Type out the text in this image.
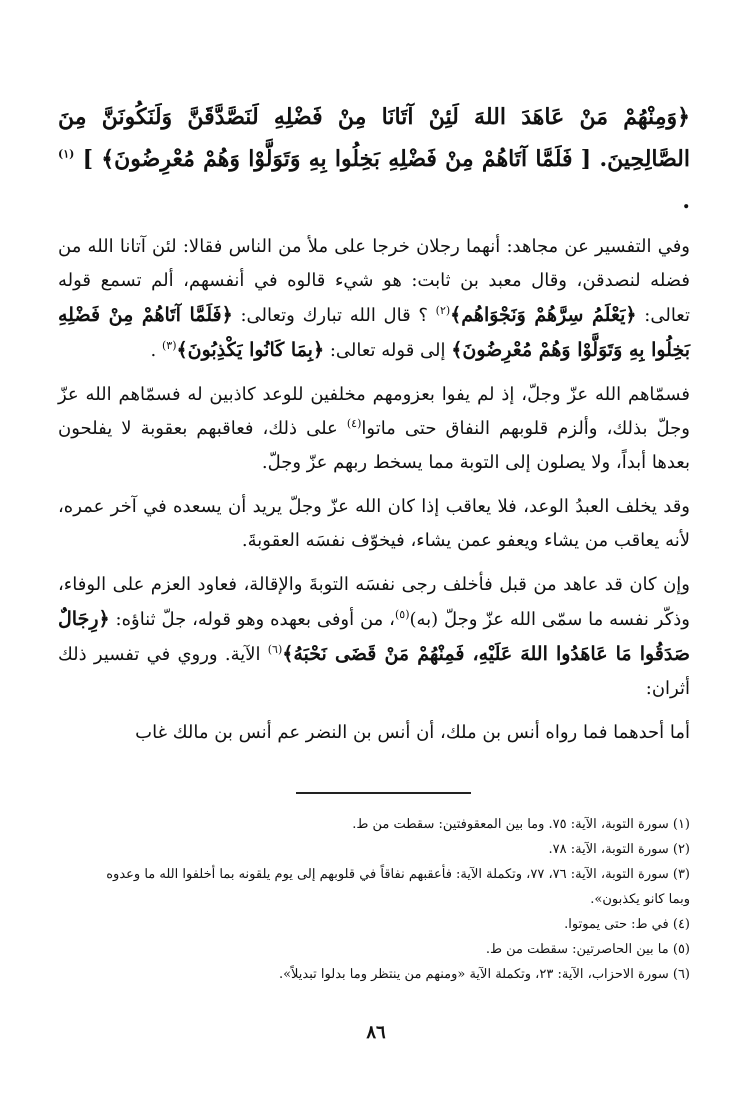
﴿وَمِنْهُمْ مَنْ عَاهَدَ اللهَ لَئِنْ آتَانَا مِنْ فَضْلِهِ لَنَصَّدَّقَنَّ وَلَنَكُونَنَّ مِنَ الصَّالِحِينَ. [ فَلَمَّا آتَاهُمْ مِنْ فَضْلِهِ بَخِلُوا بِهِ وَتَوَلَّوْا وَهُمْ مُعْرِضُونَ﴾ ] $^{(١)}$ .

وفي التفسير عن مجاهد: أنهما رجلان خرجا على ملأ من الناس فقالا: لئن آتانا الله من فضله لنصدقن، وقال معبد بن ثابت: هو شيء قالوه في أنفسهم، ألم تسمع قوله تعالى: ﴿يَعْلَمُ سِرَّهُمْ وَنَجْوَاهُم﴾$^{(٢)}$ ؟ قال الله تبارك وتعالى: ﴿فَلَمَّا آتَاهُمْ مِنْ فَضْلِهِ بَخِلُوا بِهِ وَتَوَلَّوْا وَهُمْ مُعْرِضُونَ﴾ إلى قوله تعالى: ﴿بِمَا كَانُوا يَكْذِبُونَ﴾$^{(٣)}$ .

فسمّاهم الله عزّ وجلّ، إذ لم يفوا بعزومهم مخلفين للوعد كاذبين له فسمّاهم الله عزّ وجلّ بذلك، وألزم قلوبهم النفاق حتى ماتوا$^{(٤)}$ على ذلك، فعاقبهم بعقوبة لا يفلحون بعدها أبداً، ولا يصلون إلى التوبة مما يسخط ربهم عزّ وجلّ.

وقد يخلف العبدُ الوعد، فلا يعاقب إذا كان الله عزّ وجلّ يريد أن يسعده في آخر عمره، لأنه يعاقب من يشاء ويعفو عمن يشاء، فيخوّف نفسَه العقوبةَ.

وإن كان قد عاهد من قبل فأخلف رجى نفسَه التوبةَ والإقالة، فعاود العزم على الوفاء، وذكّر نفسه ما سمّى الله عزّ وجلّ (به)$^{(٥)}$، من أوفى بعهده وهو قوله، جلّ ثناؤه: ﴿رِجَالٌ صَدَقُوا مَا عَاهَدُوا اللهَ عَلَيْهِ، فَمِنْهُمْ مَنْ قَضَى نَحْبَهُ﴾$^{(٦)}$ الآية. وروي في تفسير ذلك أثران:

أما أحدهما فما رواه أنس بن ملك، أن أنس بن النضر عم أنس بن مالك غاب

(١) سورة التوبة، الآية: ٧٥. وما بين المعقوفتين: سقطت من ط.

(٢) سورة التوبة، الآية: ٧٨.

(٣) سورة التوبة، الآية: ٧٦، ٧٧، وتكملة الآية: فأعقبهم نفاقاً في قلوبهم إلى يوم يلقونه بما أخلفوا الله ما وعدوه وبما كانو يكذبون».

(٤) في ط: حتى يموتوا.

(٥) ما بين الحاصرتين: سقطت من ط.

(٦) سورة الاحزاب، الآية: ٢٣، وتكملة الآية «ومنهم من ينتظر وما بدلوا تبديلاً».

٨٦
